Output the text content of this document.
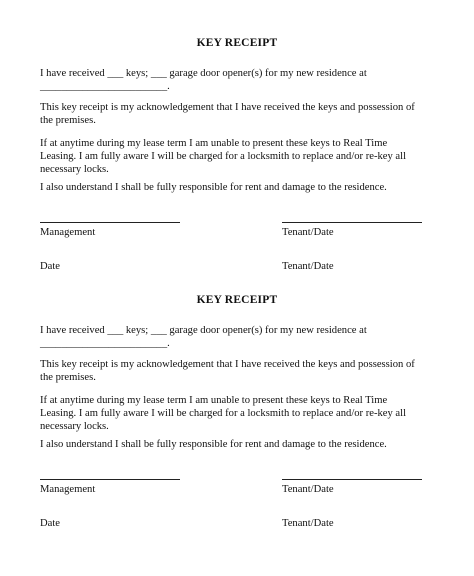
KEY RECEIPT
I have received ___ keys; ___ garage door opener(s) for my new residence at
________________________.
This key receipt is my acknowledgement that I have received the keys and possession of
the premises.
If at anytime during my lease term I am unable to present these keys to Real Time
Leasing. I am fully aware I will be charged for a locksmith to replace and/or re-key all
necessary locks.
I also understand I shall be fully responsible for rent and damage to the residence.
Management	Tenant/Date
Date	Tenant/Date
KEY RECEIPT
I have received ___ keys; ___ garage door opener(s) for my new residence at
________________________.
This key receipt is my acknowledgement that I have received the keys and possession of
the premises.
If at anytime during my lease term I am unable to present these keys to Real Time
Leasing. I am fully aware I will be charged for a locksmith to replace and/or re-key all
necessary locks.
I also understand I shall be fully responsible for rent and damage to the residence.
Management	Tenant/Date
Date	Tenant/Date
